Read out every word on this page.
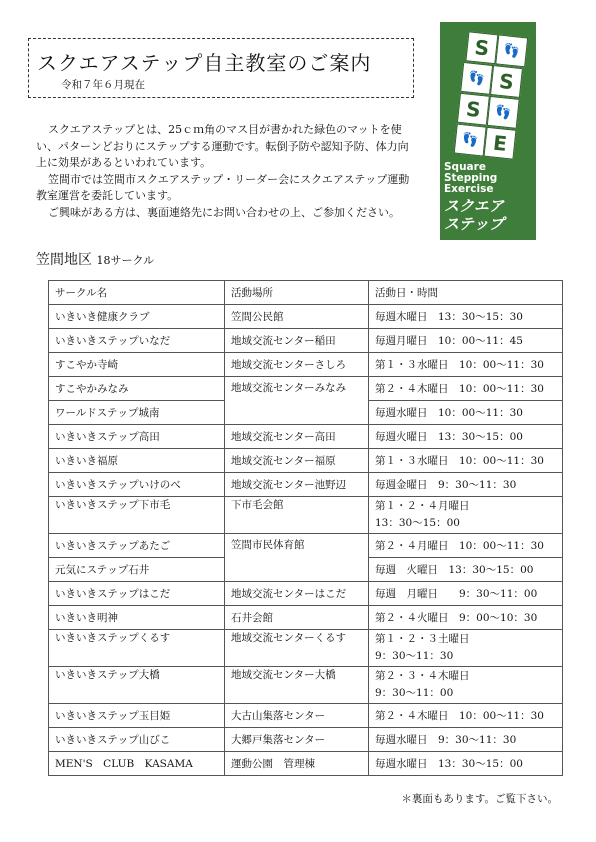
スクエアステップ自主教室のご案内
令和７年６月現在
S 👣
👣 S
S 👣
👣 E
Square
Stepping
Exercise
スクエア
ステップ

スクエアステップとは、25ｃｍ角のマス目が書かれた緑色のマットを使い、パターンどおりにステップする運動です。転倒予防や認知予防、体力向上に効果があるといわれています。

笠間市では笠間市スクエアステップ・リーダー会にスクエアステップ運動教室運営を委託しています。

ご興味がある方は、裏面連絡先にお問い合わせの上、ご参加ください。

笠間地区 18サークル
サークル名	活動場所	活動日・時間
いきいき健康クラブ	笠間公民館	毎週木曜日　13：30～15：30
いきいきステップいなだ	地域交流センター稲田	毎週月曜日　10：00～11：45
すこやか寺崎	地域交流センターさしろ	第１・３水曜日　10：00～11：30
すこやかみなみ	地域交流センターみなみ	第２・４木曜日　10：00～11：30
ワールドステップ城南		毎週水曜日　10：00～11：30
いきいきステップ高田	地域交流センター高田	毎週火曜日　13：30～15：00
いきいき福原	地域交流センター福原	第１・３水曜日　10：00～11：30
いきいきステップいけのべ	地域交流センター池野辺	毎週金曜日　9：30～11：30
いきいきステップ下市毛	下市毛会館	第１・２・４月曜日
13：30～15：00

いきいきステップあたご	笠間市民体育館	第２・４月曜日　10：00～11：30
元気にステップ石井		毎週　火曜日　13：30～15：00
いきいきステップはこだ	地域交流センターはこだ	毎週　月曜日　　9：30～11：00
いきいき明神	石井会館	第２・４火曜日　9：00～10：30
いきいきステップくるす	地域交流センターくるす	第１・２・３土曜日
9：30～11：30

いきいきステップ大橋	地域交流センター大橋	第２・３・４木曜日
9：30～11：00

いきいきステップ玉目姫	大古山集落センター	第２・４木曜日　10：00～11：30
いきいきステップ山びこ	大郷戸集落センター	毎週水曜日　9：30～11：30
MEN'S　CLUB　KASAMA	運動公園　管理棟	毎週水曜日　13：30～15：00
＊裏面もあります。ご覧下さい。
